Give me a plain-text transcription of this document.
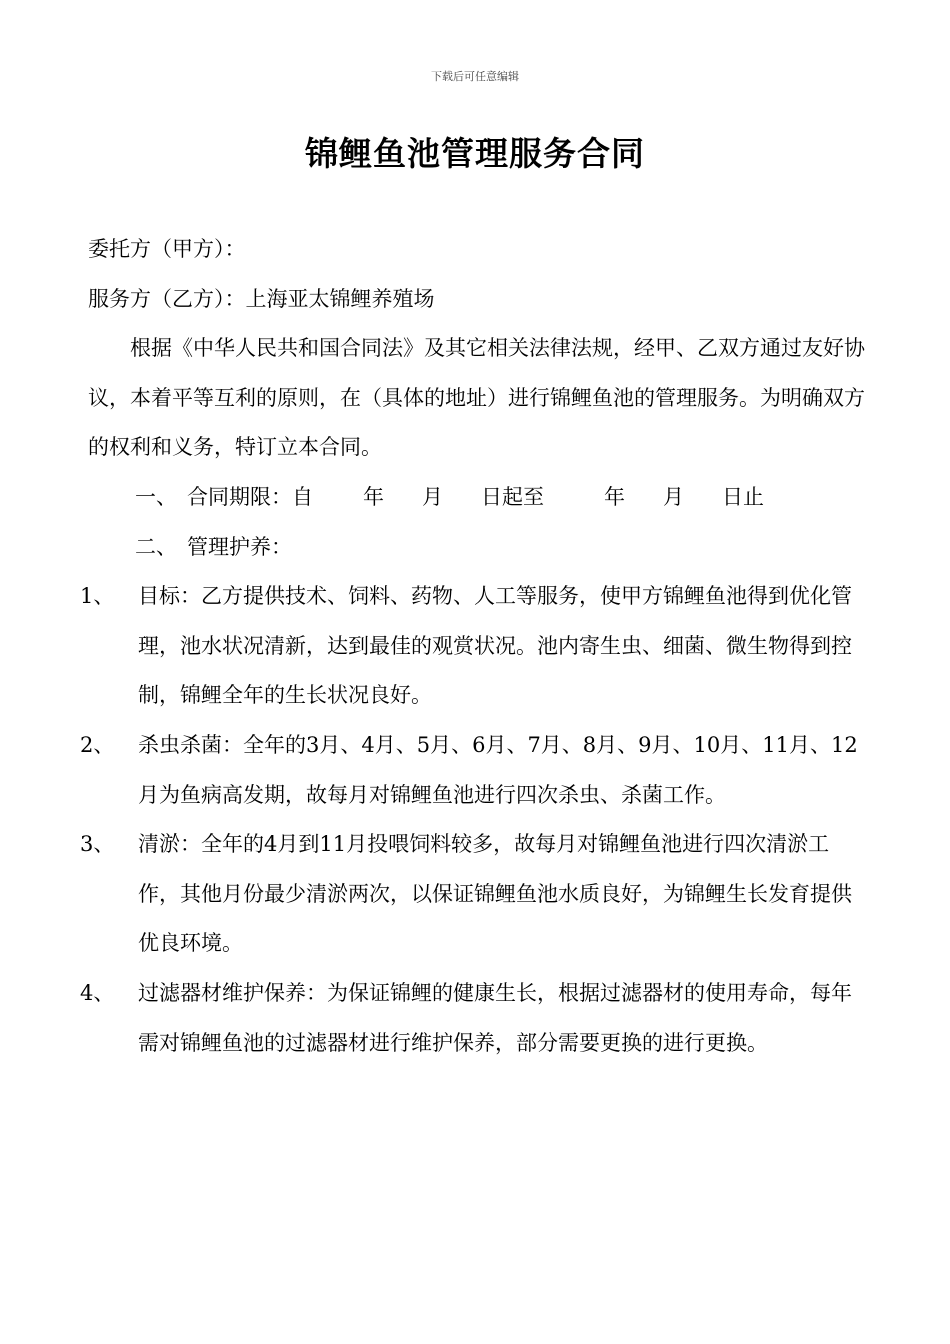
下载后可任意编辑
锦鲤鱼池管理服务合同

委托方（甲方）：

服务方（乙方）：上海亚太锦鲤养殖场

根据《中华人民共和国合同法》及其它相关法律法规，经甲、乙双方通过友好协议，本着平等互利的原则，在（具体的地址）进行锦鲤鱼池的管理服务。为明确双方的权利和义务，特订立本合同。

一、 合同期限：自 年 月 日起至	年 月 日止

二、 管理护养：

1、	目标：乙方提供技术、饲料、药物、人工等服务，使甲方锦鲤鱼池得到优化管理，池水状况清新，达到最佳的观赏状况。池内寄生虫、细菌、微生物得到控制，锦鲤全年的生长状况良好。
2、	杀虫杀菌：全年的3月、4月、5月、6月、7月、8月、9月、10月、11月、12月为鱼病高发期，故每月对锦鲤鱼池进行四次杀虫、杀菌工作。
3、	清淤：全年的4月到11月投喂饲料较多，故每月对锦鲤鱼池进行四次清淤工作，其他月份最少清淤两次，以保证锦鲤鱼池水质良好，为锦鲤生长发育提供优良环境。
4、	过滤器材维护保养：为保证锦鲤的健康生长，根据过滤器材的使用寿命，每年需对锦鲤鱼池的过滤器材进行维护保养，部分需要更换的进行更换。
